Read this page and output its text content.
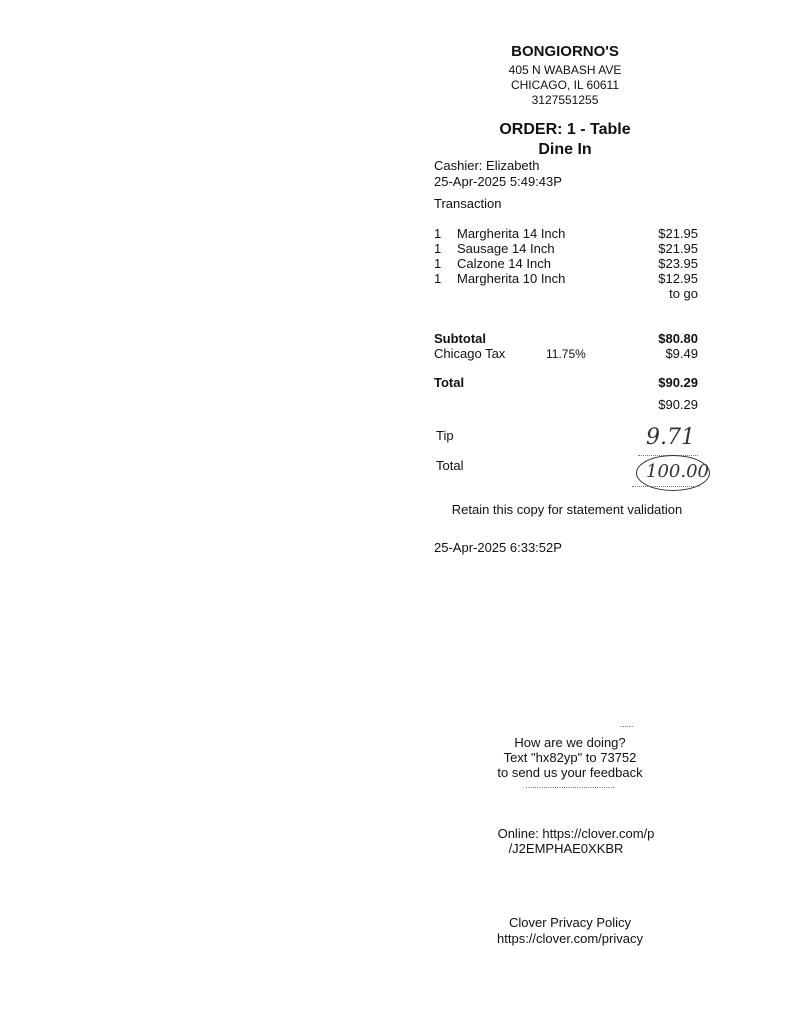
BONGIORNO'S
405 N WABASH AVE
CHICAGO, IL 60611
3127551255
ORDER: 1 - Table
Dine In
Cashier: Elizabeth
25-Apr-2025 5:49:43P
Transaction
1 Margherita 14 Inch	$21.95
1 Sausage 14 Inch	$21.95
1 Calzone 14 Inch	$23.95
1 Margherita 10 Inch	$12.95
to go
Subtotal	$80.80
Chicago Tax	11.75%	$9.49
Total	$90.29
$90.29
Tip	9.71
Total	100.00
Retain this copy for statement validation
25-Apr-2025 6:33:52P
......
How are we doing?
Text "hx82yp" to 73752
to send us your feedback
........................................
Online: https://clover.com/p
/J2EMPHAE0XKBR
Clover Privacy Policy
https://clover.com/privacy
